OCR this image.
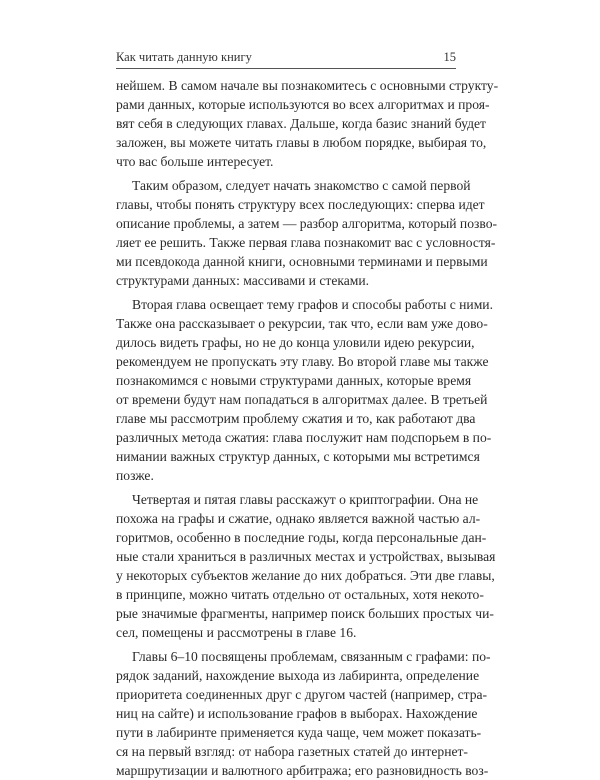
Как читать данную книгу	15
нейшем. В самом начале вы познакомитесь с основными структу-
рами данных, которые используются во всех алгоритмах и проя-
вят себя в следующих главах. Дальше, когда базис знаний будет
заложен, вы можете читать главы в любом порядке, выбирая то,
что вас больше интересует.
Таким образом, следует начать знакомство с самой первой
главы, чтобы понять структуру всех последующих: сперва идет
описание проблемы, а затем — разбор алгоритма, который позво-
ляет ее решить. Также первая глава познакомит вас с условностя-
ми псевдокода данной книги, основными терминами и первыми
структурами данных: массивами и стеками.
Вторая глава освещает тему графов и способы работы с ними.
Также она рассказывает о рекурсии, так что, если вам уже дово-
дилось видеть графы, но не до конца уловили идею рекурсии,
рекомендуем не пропускать эту главу. Во второй главе мы также
познакомимся с новыми структурами данных, которые время
от времени будут нам попадаться в алгоритмах далее. В третьей
главе мы рассмотрим проблему сжатия и то, как работают два
различных метода сжатия: глава послужит нам подспорьем в по-
нимании важных структур данных, с которыми мы встретимся
позже.
Четвертая и пятая главы расскажут о криптографии. Она не
похожа на графы и сжатие, однако является важной частью ал-
горитмов, особенно в последние годы, когда персональные дан-
ные стали храниться в различных местах и устройствах, вызывая
у некоторых субъектов желание до них добраться. Эти две главы,
в принципе, можно читать отдельно от остальных, хотя некото-
рые значимые фрагменты, например поиск больших простых чи-
сел, помещены и рассмотрены в главе 16.
Главы 6–10 посвящены проблемам, связанным с графами: по-
рядок заданий, нахождение выхода из лабиринта, определение
приоритета соединенных друг с другом частей (например, стра-
ниц на сайте) и использование графов в выборах. Нахождение
пути в лабиринте применяется куда чаще, чем может показать-
ся на первый взгляд: от набора газетных статей до интернет-
маршрутизации и валютного арбитража; его разновидность воз-
